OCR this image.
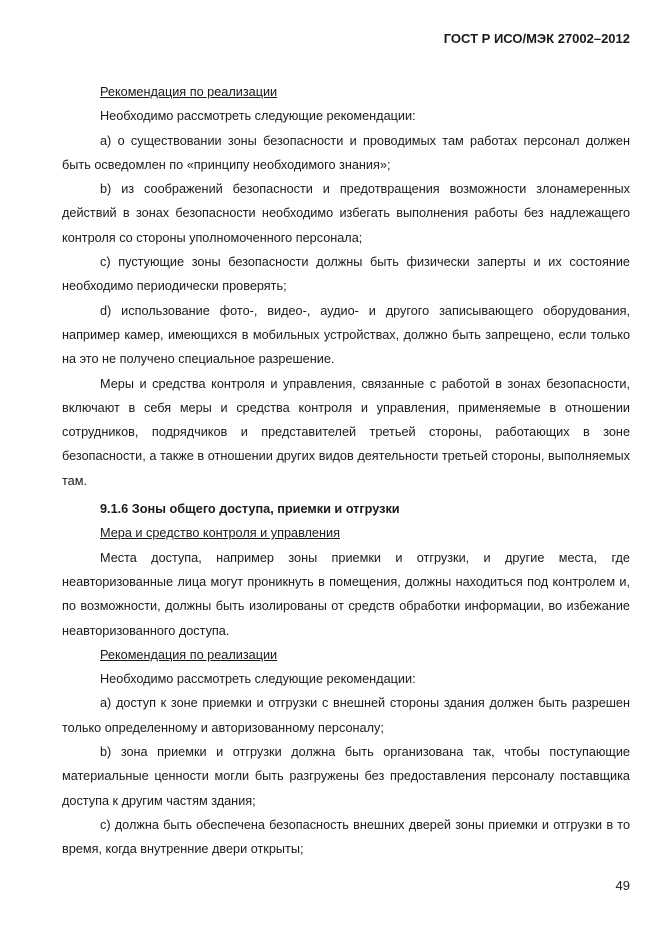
ГОСТ Р ИСО/МЭК 27002–2012

Рекомендация по реализации

Необходимо рассмотреть следующие рекомендации:

а) о существовании зоны безопасности и проводимых там работах персонал должен быть осведомлен по «принципу необходимого знания»;

b) из соображений безопасности и предотвращения возможности злонамеренных действий в зонах безопасности необходимо избегать выполнения работы без надлежащего контроля со стороны уполномоченного персонала;

c) пустующие зоны безопасности должны быть физически заперты и их состояние необходимо периодически проверять;

d) использование фото-, видео-, аудио- и другого записывающего оборудования, например камер, имеющихся в мобильных устройствах, должно быть запрещено, если только на это не получено специальное разрешение.

Меры и средства контроля и управления, связанные с работой в зонах безопасности, включают в себя меры и средства контроля и управления, применяемые в отношении сотрудников, подрядчиков и представителей третьей стороны, работающих в зоне безопасности, а также в отношении других видов деятельности третьей стороны, выполняемых там.

9.1.6 Зоны общего доступа, приемки и отгрузки

Мера и средство контроля и управления

Места доступа, например зоны приемки и отгрузки, и другие места, где неавторизованные лица могут проникнуть в помещения, должны находиться под контролем и, по возможности, должны быть изолированы от средств обработки информации, во избежание неавторизованного доступа.

Рекомендация по реализации

Необходимо рассмотреть следующие рекомендации:

а) доступ к зоне приемки и отгрузки с внешней стороны здания должен быть разрешен только определенному и авторизованному персоналу;

b) зона приемки и отгрузки должна быть организована так, чтобы поступающие материальные ценности могли быть разгружены без предоставления персоналу поставщика доступа к другим частям здания;

c) должна быть обеспечена безопасность внешних дверей зоны приемки и отгрузки в то время, когда внутренние двери открыты;

49
